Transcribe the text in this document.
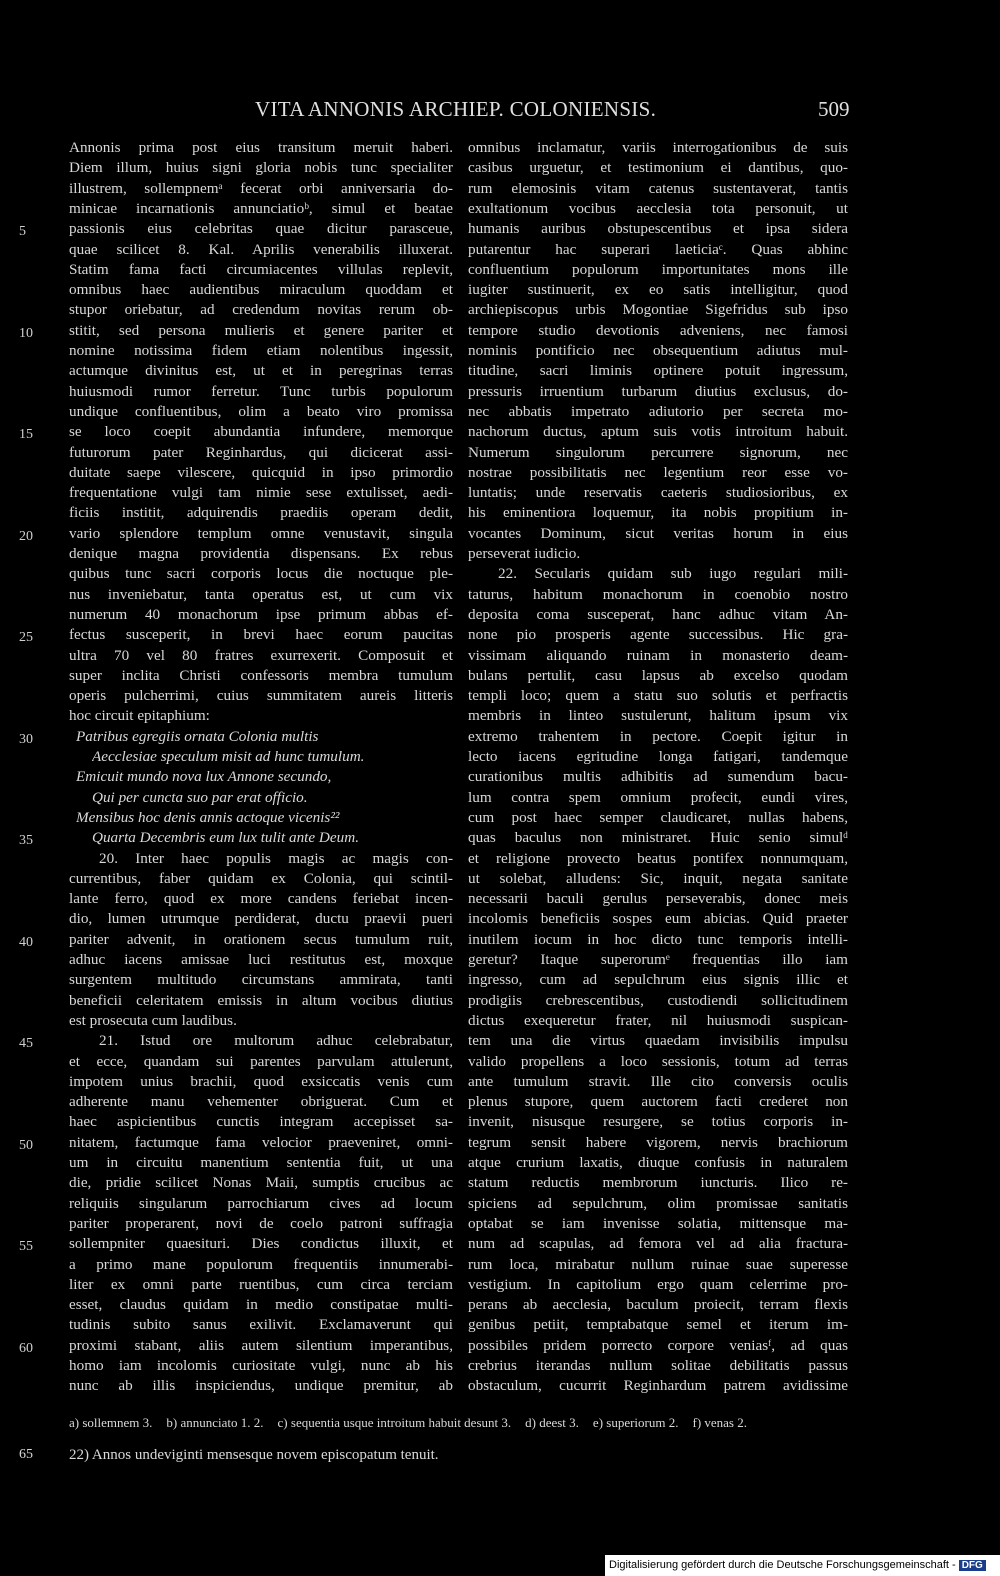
VITA ANNONIS ARCHIEP. COLONIENSIS.	509
Annonis prima post eius transitum meruit haberi.
Diem illum, huius signi gloria nobis tunc specialiter
illustrem, sollempnemᵃ fecerat orbi anniversaria do-
minicae incarnationis annunciatioᵇ, simul et beatae
passionis eius celebritas quae dicitur parasceue,
quae scilicet 8. Kal. Aprilis venerabilis illuxerat.
Statim fama facti circumiacentes villulas replevit,
omnibus haec audientibus miraculum quoddam et
stupor oriebatur, ad credendum novitas rerum ob-
stitit, sed persona mulieris et genere pariter et
nomine notissima fidem etiam nolentibus ingessit,
actumque divinitus est, ut et in peregrinas terras
huiusmodi rumor ferretur. Tunc turbis populorum
undique confluentibus, olim a beato viro promissa
se loco coepit abundantia infundere, memorque
futurorum pater Reginhardus, qui dicicerat assi-
duitate saepe vilescere, quicquid in ipso primordio
frequentatione vulgi tam nimie sese extulisset, aedi-
ficiis institit, adquirendis praediis operam dedit,
vario splendore templum omne venustavit, singula
denique magna providentia dispensans. Ex rebus
quibus tunc sacri corporis locus die noctuque ple-
nus inveniebatur, tanta operatus est, ut cum vix
numerum 40 monachorum ipse primum abbas ef-
fectus susceperit, in brevi haec eorum paucitas
ultra 70 vel 80 fratres exurrexerit. Composuit et
super inclita Christi confessoris membra tumulum
operis pulcherrimi, cuius summitatem aureis litteris
hoc circuit epitaphium:
Patribus egregiis ornata Colonia multis
Aecclesiae speculum misit ad hunc tumulum.
Emicuit mundo nova lux Annone secundo,
Qui per cuncta suo par erat officio.
Mensibus hoc denis annis actoque vicenis²²
Quarta Decembris eum lux tulit ante Deum.
20. Inter haec populis magis ac magis con-
currentibus, faber quidam ex Colonia, qui scintil-
lante ferro, quod ex more candens feriebat incen-
dio, lumen utrumque perdiderat, ductu praevii pueri
pariter advenit, in orationem secus tumulum ruit,
adhuc iacens amissae luci restitutus est, moxque
surgentem multitudo circumstans ammirata, tanti
beneficii celeritatem emissis in altum vocibus diutius
est prosecuta cum laudibus.
21. Istud ore multorum adhuc celebrabatur,
et ecce, quandam sui parentes parvulam attulerunt,
impotem unius brachii, quod exsiccatis venis cum
adherente manu vehementer obriguerat. Cum et
haec aspicientibus cunctis integram accepisset sa-
nitatem, factumque fama velocior praeveniret, omni-
um in circuitu manentium sententia fuit, ut una
die, pridie scilicet Nonas Maii, sumptis crucibus ac
reliquiis singularum parrochiarum cives ad locum
pariter properarent, novi de coelo patroni suffragia
sollempniter quaesituri. Dies condictus illuxit, et
a primo mane populorum frequentiis innumerabi-
liter ex omni parte ruentibus, cum circa terciam
esset, claudus quidam in medio constipatae multi-
tudinis subito sanus exilivit. Exclamaverunt qui
proximi stabant, aliis autem silentium imperantibus,
homo iam incolomis curiositate vulgi, nunc ab his
nunc ab illis inspiciendus, undique premitur, ab
omnibus inclamatur, variis interrogationibus de suis
casibus urguetur, et testimonium ei dantibus, quo-
rum elemosinis vitam catenus sustentaverat, tantis
exultationum vocibus aecclesia tota personuit, ut
humanis auribus obstupescentibus et ipsa sidera
putarentur hac superari laeticiaᶜ. Quas abhinc
confluentium populorum importunitates mons ille
iugiter sustinuerit, ex eo satis intelligitur, quod
archiepiscopus urbis Mogontiae Sigefridus sub ipso
tempore studio devotionis adveniens, nec famosi
nominis pontificio nec obsequentium adiutus mul-
titudine, sacri liminis optinere potuit ingressum,
pressuris irruentium turbarum diutius exclusus, do-
nec abbatis impetrato adiutorio per secreta mo-
nachorum ductus, aptum suis votis introitum habuit.
Numerum singulorum percurrere signorum, nec
nostrae possibilitatis nec legentium reor esse vo-
luntatis; unde reservatis caeteris studiosioribus, ex
his eminentiora loquemur, ita nobis propitium in-
vocantes Dominum, sicut veritas horum in eius
perseverat iudicio.
22. Secularis quidam sub iugo regulari mili-
taturus, habitum monachorum in coenobio nostro
deposita coma susceperat, hanc adhuc vitam An-
none pio prosperis agente successibus. Hic gra-
vissimam aliquando ruinam in monasterio deam-
bulans pertulit, casu lapsus ab excelso quodam
templi loco; quem a statu suo solutis et perfractis
membris in linteo sustulerunt, halitum ipsum vix
extremo trahentem in pectore. Coepit igitur in
lecto iacens egritudine longa fatigari, tandemque
curationibus multis adhibitis ad sumendum bacu-
lum contra spem omnium profecit, eundi vires,
cum post haec semper claudicaret, nullas habens,
quas baculus non ministraret. Huic senio simulᵈ
et religione provecto beatus pontifex nonnumquam,
ut solebat, alludens: Sic, inquit, negata sanitate
necessarii baculi gerulus perseverabis, donec meis
incolomis beneficiis sospes eum abicias. Quid praeter
inutilem iocum in hoc dicto tunc temporis intelli-
geretur? Itaque superorumᵉ frequentias illo iam
ingresso, cum ad sepulchrum eius signis illic et
prodigiis crebrescentibus, custodiendi sollicitudinem
dictus exequeretur frater, nil huiusmodi suspican-
tem una die virtus quaedam invisibilis impulsu
valido propellens a loco sessionis, totum ad terras
ante tumulum stravit. Ille cito conversis oculis
plenus stupore, quem auctorem facti crederet non
invenit, nisusque resurgere, se totius corporis in-
tegrum sensit habere vigorem, nervis brachiorum
atque crurium laxatis, diuque confusis in naturalem
statum reductis membrorum iuncturis. Ilico re-
spiciens ad sepulchrum, olim promissae sanitatis
optabat se iam invenisse solatia, mittensque ma-
num ad scapulas, ad femora vel ad alia fractura-
rum loca, mirabatur nullum ruinae suae superesse
vestigium. In capitolium ergo quam celerrime pro-
perans ab aecclesia, baculum proiecit, terram flexis
genibus petiit, temptabatque semel et iterum im-
possibiles pridem porrecto corpore veniasᶠ, ad quas
crebrius iterandas nullum solitae debilitatis passus
obstaculum, cucurrit Reginhardum patrem avidissime
5
10
15
20
25
30
35
40
45
50
55
60
a) sollemnem 3. b) annunciato 1. 2. c) sequentia usque introitum habuit desunt 3. d) deest 3. e) superiorum 2. f) venas 2.
65 22) Annos undeviginti mensesque novem episcopatum tenuit.
Digitalisierung gefördert durch die Deutsche Forschungsgemeinschaft - DFG
